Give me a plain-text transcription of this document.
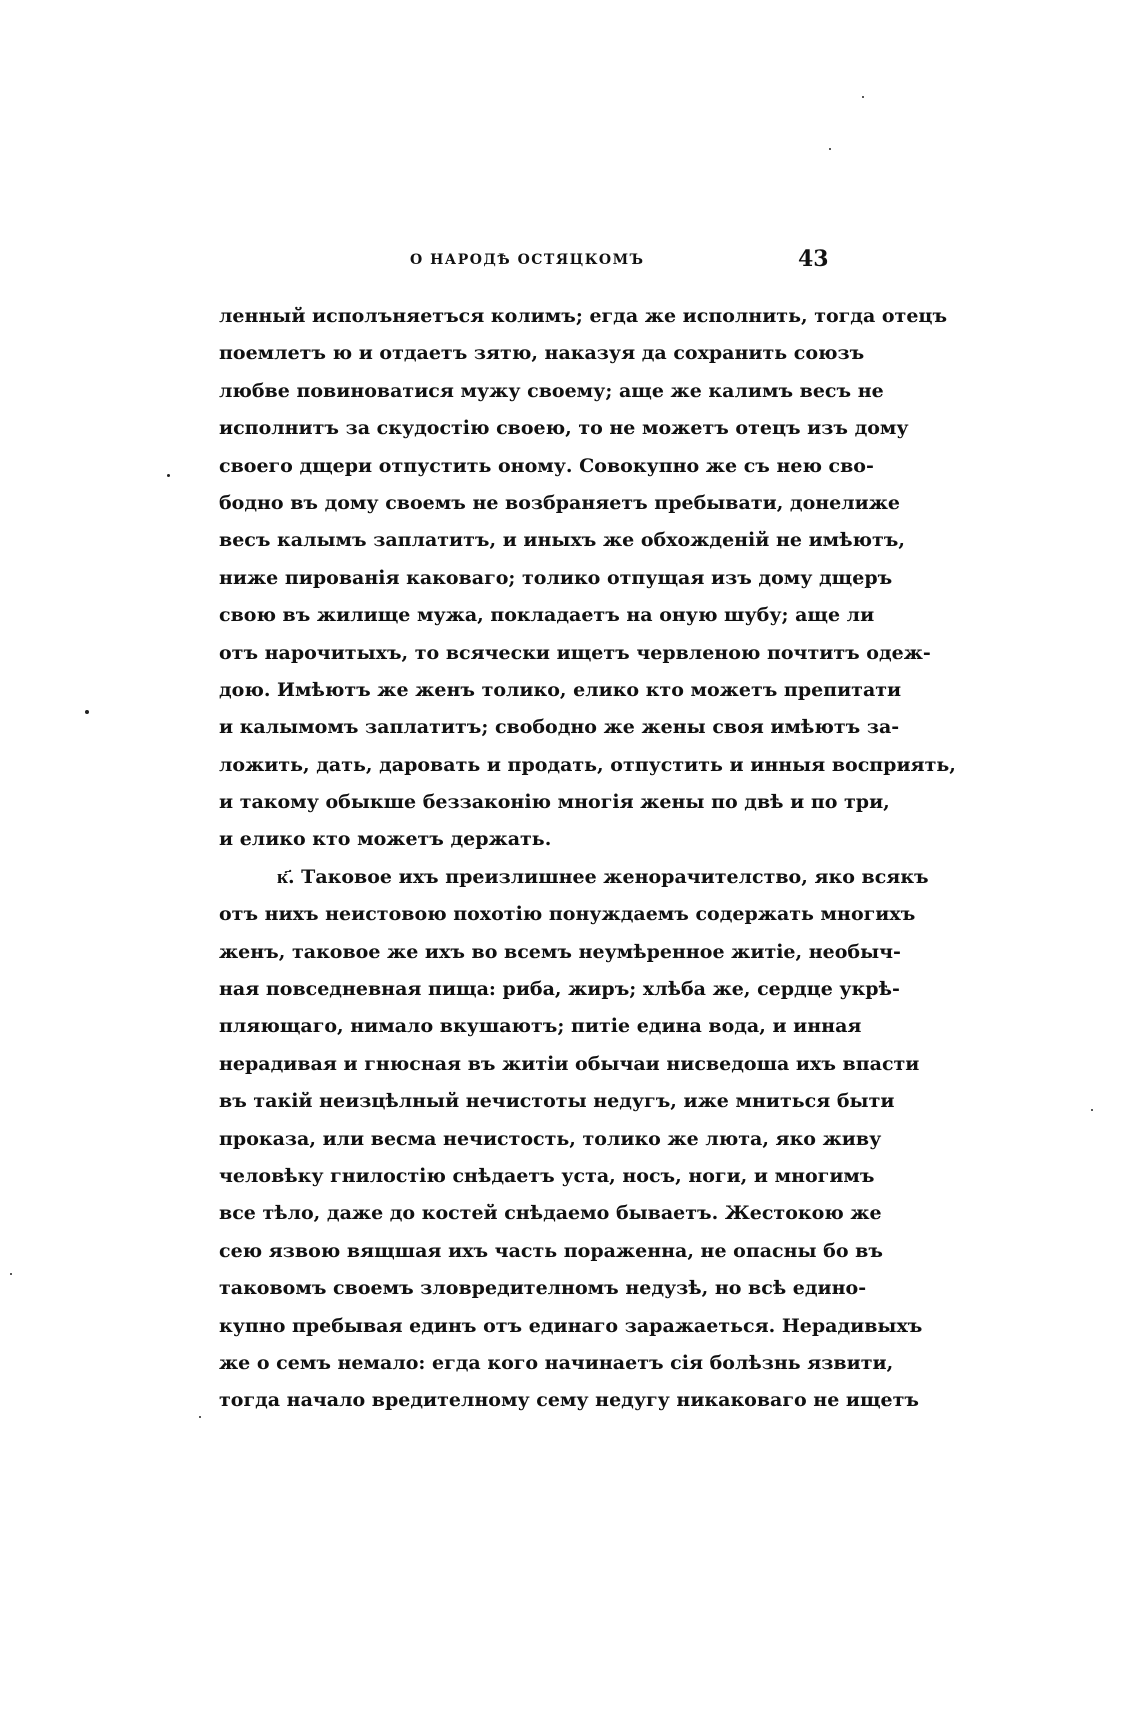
О НАРОДѢ ОСТЯЦКОМЪ	43
ленный исполъняетъся колимъ; егда же исполнить, тогда отецъ
поемлетъ ю и отдаетъ зятю, наказуя да сохранить союзъ
любве повиноватися мужу своему; аще же калимъ весъ не
исполнитъ за скудостію своею, то не можетъ отецъ изъ дому
своего дщери отпустить оному. Совокупно же съ нею сво-
бодно въ дому своемъ не возбраняетъ пребывати, донелиже
весъ калымъ заплатитъ, и иныхъ же обхожденій не имѣютъ,
ниже пированія каковаго; толико отпущая изъ дому дщеръ
свою въ жилище мужа, покладаетъ на оную шубу; аще ли
отъ нарочитыхъ, то всячески ищетъ червленою почтитъ одеж-
дою. Имѣютъ же женъ толико, елико кто можетъ препитати
и калымомъ заплатитъ; свободно же жены своя имѣютъ за-
ложить, дать, даровать и продать, отпустить и инныя восприять,
и такому обыкше беззаконію многія жены по двѣ и по три,
и елико кто можетъ держать.
к҃. Таковое ихъ преизлишнее женорачителство, яко всякъ
отъ нихъ неистовою похотію понуждаемъ содержать многихъ
женъ, таковое же ихъ во всемъ неумѣренное житіе, необыч-
ная повседневная пища: риба, жиръ; хлѣба же, сердце укрѣ-
пляющаго, нимало вкушаютъ; питіе едина вода, и инная
нерадивая и гнюсная въ житіи обычаи нисведоша ихъ впасти
въ такій неизцѣлный нечистоты недугъ, иже мниться быти
проказа, или весма нечистость, толико же люта, яко живу
человѣку гнилостію снѣдаетъ уста, носъ, ноги, и многимъ
все тѣло, даже до костей снѣдаемо бываетъ. Жестокою же
сею язвою вящшая ихъ часть пораженна, не опасны бо въ
таковомъ своемъ зловредителномъ недузѣ, но всѣ едино-
купно пребывая единъ отъ единаго заражаеться. Нерадивыхъ
же о семъ немало: егда кого начинаетъ сія болѣзнь язвити,
тогда начало вредителному сему недугу никаковаго не ищетъ
